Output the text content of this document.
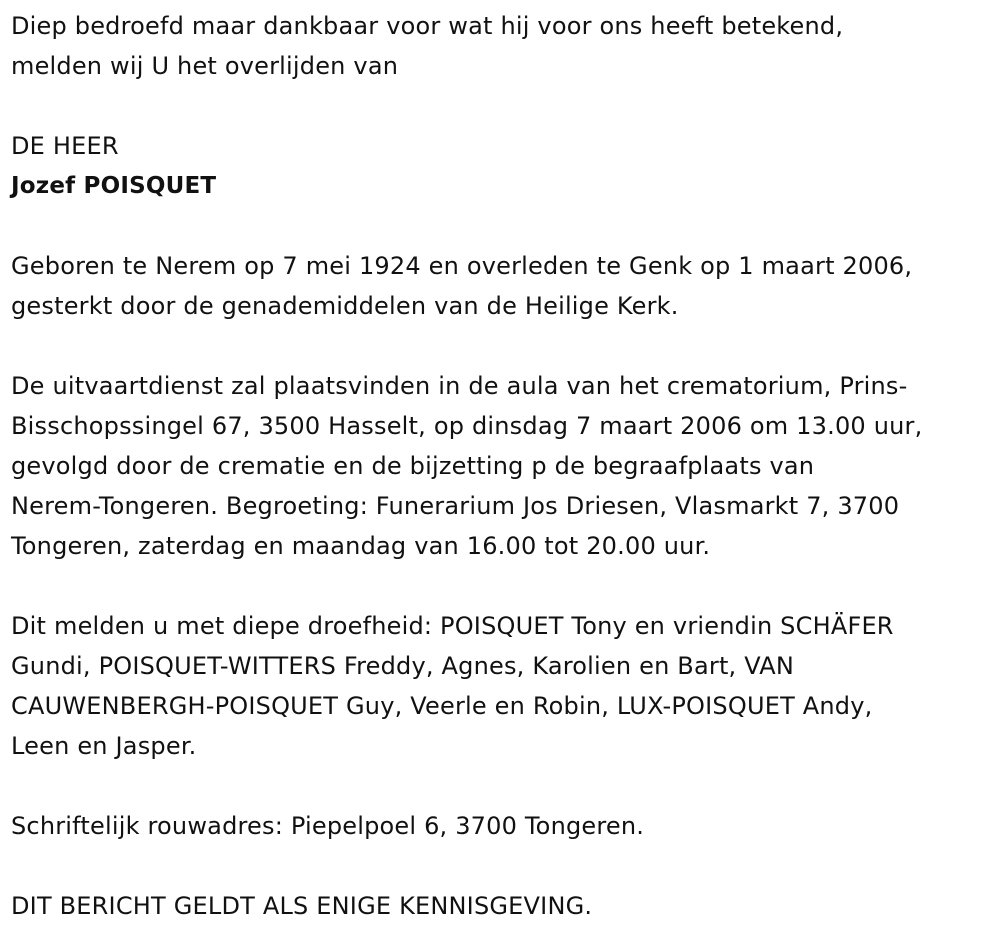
Diep bedroefd maar dankbaar voor wat hij voor ons heeft betekend,
melden wij U het overlijden van
DE HEER
Jozef POISQUET
Geboren te Nerem op 7 mei 1924 en overleden te Genk op 1 maart 2006,
gesterkt door de genademiddelen van de Heilige Kerk.
De uitvaartdienst zal plaatsvinden in de aula van het crematorium, Prins-
Bisschopssingel 67, 3500 Hasselt, op dinsdag 7 maart 2006 om 13.00 uur,
gevolgd door de crematie en de bijzetting p de begraafplaats van
Nerem-Tongeren. Begroeting: Funerarium Jos Driesen, Vlasmarkt 7, 3700
Tongeren, zaterdag en maandag van 16.00 tot 20.00 uur.
Dit melden u met diepe droefheid: POISQUET Tony en vriendin SCHÄFER
Gundi, POISQUET-WITTERS Freddy, Agnes, Karolien en Bart, VAN
CAUWENBERGH-POISQUET Guy, Veerle en Robin, LUX-POISQUET Andy,
Leen en Jasper.
Schriftelijk rouwadres: Piepelpoel 6, 3700 Tongeren.
DIT BERICHT GELDT ALS ENIGE KENNISGEVING.
